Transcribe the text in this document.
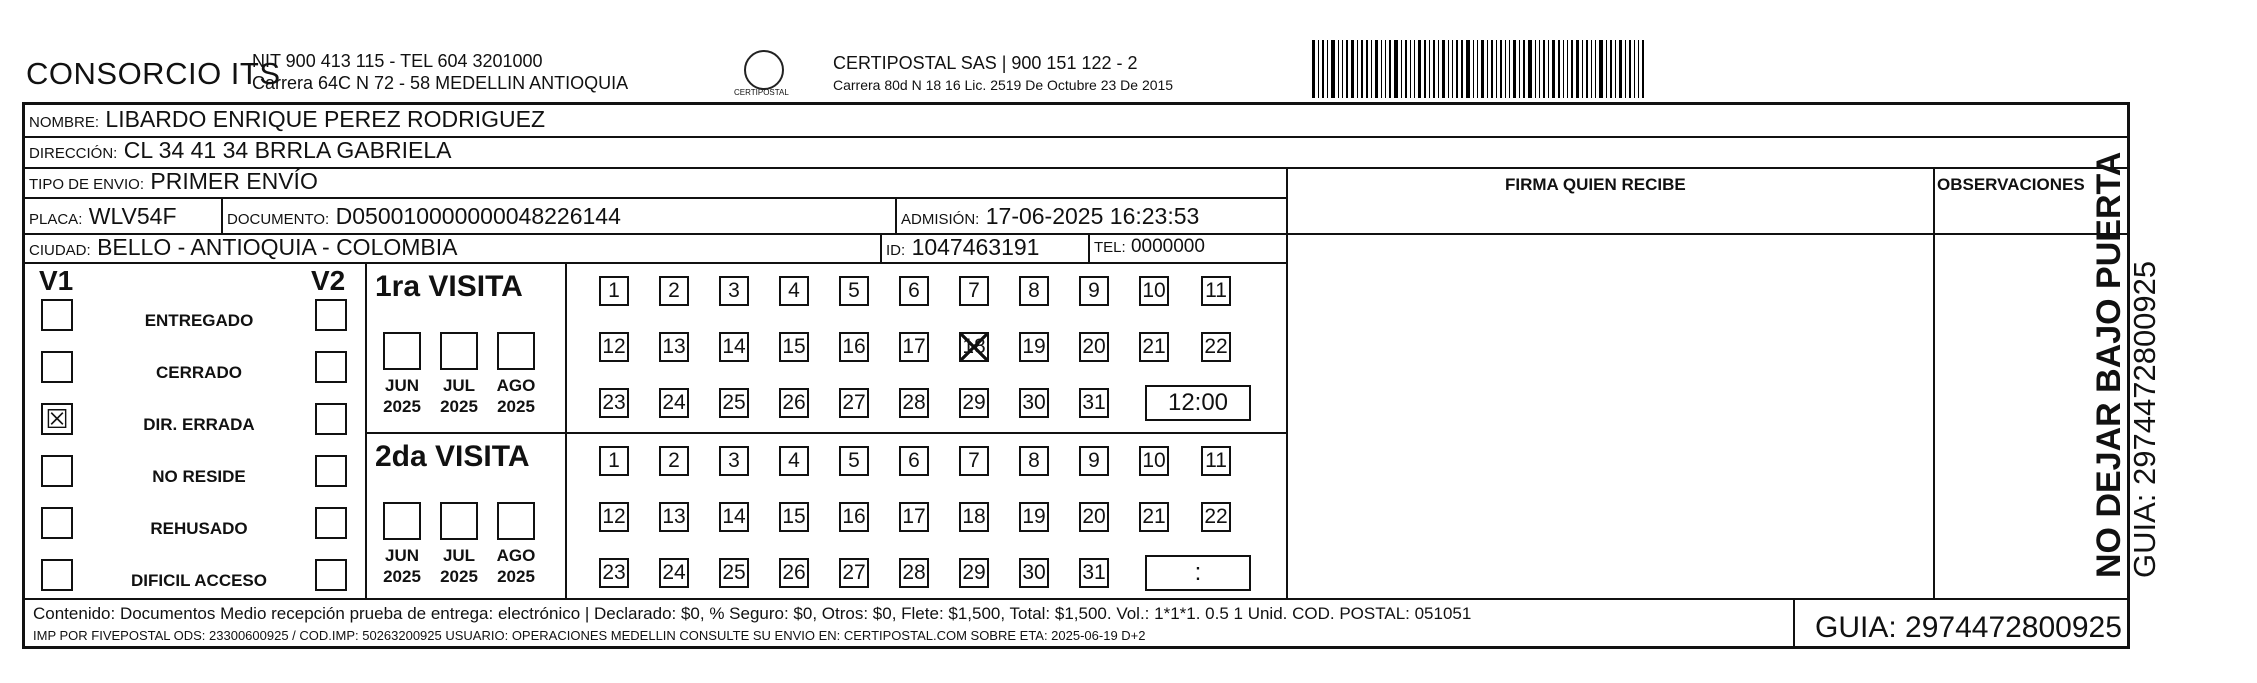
CONSORCIO ITS
NIT 900 413 115 - TEL 604 3201000
Carrera 64C N 72 - 58 MEDELLIN ANTIOQUIA	CERTIPOSTAL
CERTIPOSTAL SAS | 900 151 122 - 2
Carrera 80d N 18 16 Lic. 2519 De Octubre 23 De 2015
NOMBRE: LIBARDO ENRIQUE PEREZ RODRIGUEZ
DIRECCIÓN: CL 34 41 34 BRRLA GABRIELA
TIPO DE ENVIO: PRIMER ENVÍO	FIRMA QUIEN RECIBE	OBSERVACIONES
PLACA: WLV54F	DOCUMENTO: D050010000000048226144	ADMISIÓN: 17-06-2025 16:23:53
CIUDAD: BELLO - ANTIOQUIA - COLOMBIA	ID: 1047463191	TEL: 0000000
V1	V2
ENTREGADO
CERRADO
☒	DIR. ERRADA
NO RESIDE
REHUSADO
DIFICIL ACCESO
1ra VISITA
JUN
2025
JUL
2025
AGO
2025
1	2	3	4	5	6	7	8	9	10 11
12 13 14 15 16 17 18 19 20 21 22
23 24 25 26 27 28 29 30 31	12:00
2da VISITA
JUN
2025
JUL
2025
AGO
2025
1	2	3	4	5	6	7	8	9	10 11
12 13 14 15 16 17 18 19 20 21 22
23 24 25 26 27 28 29 30 31	:
Contenido: Documentos Medio recepción prueba de entrega: electrónico | Declarado: $0, % Seguro: $0, Otros: $0, Flete: $1,500, Total: $1,500. Vol.: 1*1*1. 0.5 1 Unid. COD. POSTAL: 051051
IMP POR FIVEPOSTAL ODS: 23300600925 / COD.IMP: 50263200925 USUARIO: OPERACIONES MEDELLIN CONSULTE SU ENVIO EN: CERTIPOSTAL.COM SOBRE ETA: 2025-06-19 D+2	GUIA: 2974472800925
NO DEJAR BAJO PUERTA GUIA: 2974472800925
